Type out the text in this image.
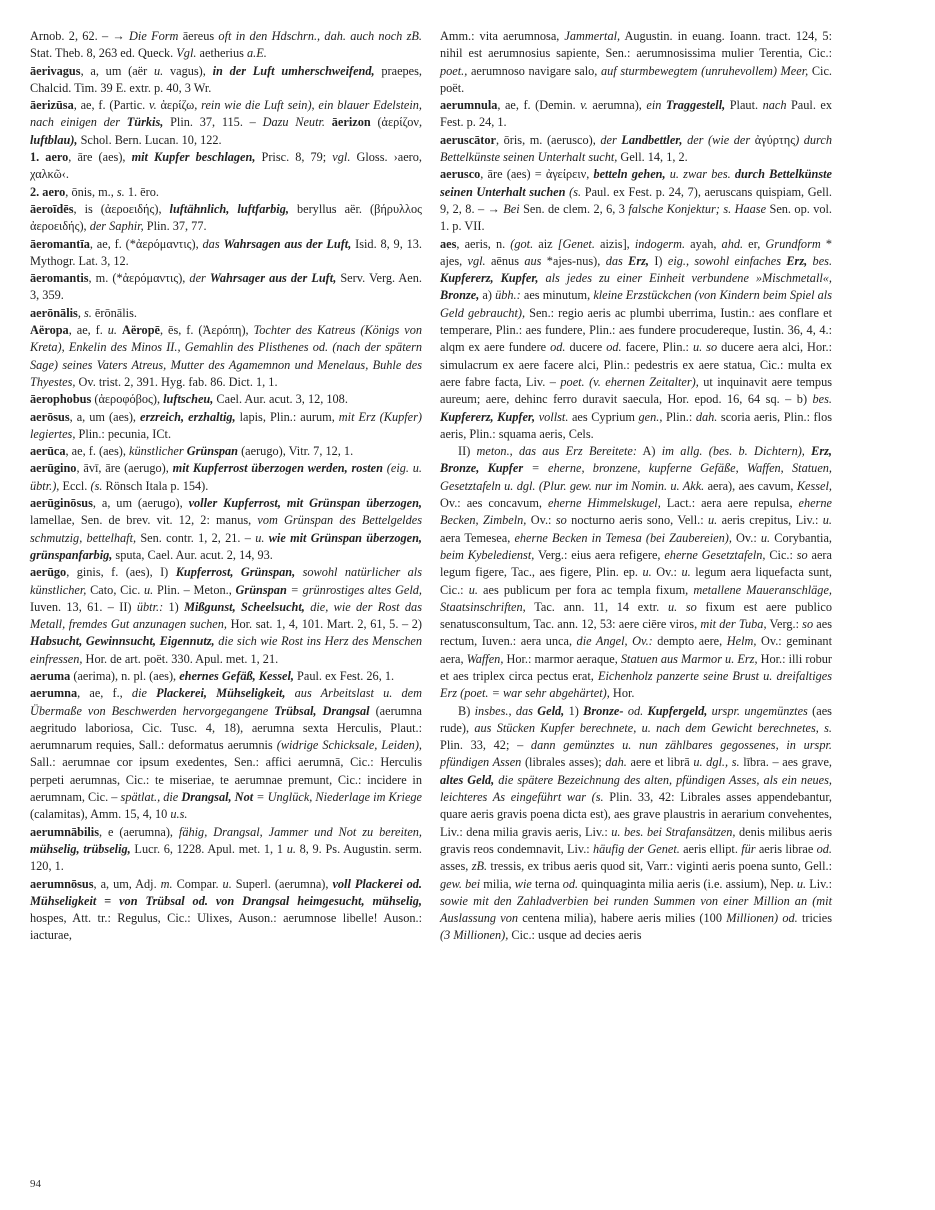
Arnob. 2, 62. – → Die Form āereus oft in den Hdschrn., dah. auch noch zB. Stat. Theb. 8, 263 ed. Queck. Vgl. aetherius a.E.

āerivagus, a, um (aër u. vagus), in der Luft umherschweifend, praepes, Chalcid. Tim. 39 E. extr. p. 40, 3 Wr.

āerizūsa, ae, f. (Partic. v. ἀερίζω, rein wie die Luft sein), ein blauer Edelstein, nach einigen der Türkis, Plin. 37, 115. – Dazu Neutr. āerizon (ἀερίζον, luftblau), Schol. Bern. Lucan. 10, 122.

1. aero, āre (aes), mit Kupfer beschlagen, Prisc. 8, 79; vgl. Gloss. ›aero, χαλκῶ‹.

2. aero, ōnis, m., s. 1. ēro.

āeroīdēs, is (ἀεροειδής), luftähnlich, luftfarbig, beryllus aër. (βήρυλλος ἀεροειδής), der Saphir, Plin. 37, 77.

āeromantīa, ae, f. (*ἀερόμαντις), das Wahrsagen aus der Luft, Isid. 8, 9, 13. Mythogr. Lat. 3, 12.

āeromantis, m. (*ἀερόμαντις), der Wahrsager aus der Luft, Serv. Verg. Aen. 3, 359.

aerōnālis, s. ērōnālis.

Aëropa, ae, f. u. Aëropē, ēs, f. (Ἀερόπη), Tochter des Katreus (Königs von Kreta), Enkelin des Minos II., Gemahlin des Plisthenes od. (nach der spätern Sage) seines Vaters Atreus, Mutter des Agamemnon und Menelaus, Buhle des Thyestes, Ov. trist. 2, 391. Hyg. fab. 86. Dict. 1, 1.

āerophobus (ἀεροφόβος), luftscheu, Cael. Aur. acut. 3, 12, 108.

aerōsus, a, um (aes), erzreich, erzhaltig, lapis, Plin.: aurum, mit Erz (Kupfer) legiertes, Plin.: pecunia, ICt.

aerūca, ae, f. (aes), künstlicher Grünspan (aerugo), Vitr. 7, 12, 1.

aerūgino, āvī, āre (aerugo), mit Kupferrost überzogen werden, rosten (eig. u. übtr.), Eccl. (s. Rönsch Itala p. 154).

aerūginōsus, a, um (aerugo), voller Kupferrost, mit Grünspan überzogen, lamellae, Sen. de brev. vit. 12, 2: manus, vom Grünspan des Bettelgeldes schmutzig, bettelhaft, Sen. contr. 1, 2, 21. – u. wie mit Grünspan überzogen, grünspanfarbig, sputa, Cael. Aur. acut. 2, 14, 93.

aerūgo, ginis, f. (aes), I) Kupferrost, Grünspan, sowohl natürlicher als künstlicher, Cato, Cic. u. Plin. – Meton., Grünspan = grünrostiges altes Geld, Iuven. 13, 61. – II) übtr.: 1) Mißgunst, Scheelsucht, die, wie der Rost das Metall, fremdes Gut anzunagen suchen, Hor. sat. 1, 4, 101. Mart. 2, 61, 5. – 2) Habsucht, Gewinnsucht, Eigennutz, die sich wie Rost ins Herz des Menschen einfressen, Hor. de art. poët. 330. Apul. met. 1, 21.

aeruma (aerima), n. pl. (aes), ehernes Gefäß, Kessel, Paul. ex Fest. 26, 1.

aerumna, ae, f., die Plackerei, Mühseligkeit, aus Arbeitslast u. dem Übermaße von Beschwerden hervorgegangene Trübsal, Drangsal (aerumna aegritudo laboriosa, Cic. Tusc. 4, 18), aerumna sexta Herculis, Plaut.: aerumnarum requies, Sall.: deformatus aerumnis (widrige Schicksale, Leiden), Sall.: aerumnae cor ipsum exedentes, Sen.: affici aerumnā, Cic.: Herculis perpeti aerumnas, Cic.: te miseriae, te aerumnae premunt, Cic.: incidere in aerumnam, Cic. – spätlat., die Drangsal, Not = Unglück, Niederlage im Kriege (calamitas), Amm. 15, 4, 10 u.s.

aerumnābilis, e (aerumna), fähig, Drangsal, Jammer und Not zu bereiten, mühselig, trübselig, Lucr. 6, 1228. Apul. met. 1, 1 u. 8, 9. Ps. Augustin. serm. 120, 1.

aerumnōsus, a, um, Adj. m. Compar. u. Superl. (aerumna), voll Plackerei od. Mühseligkeit = von Trübsal od. von Drangsal heimgesucht, mühselig, hospes, Att. tr.: Regulus, Cic.: Ulixes, Auson.: aerumnose libelle! Auson.: iacturae,

Amm.: vita aerumnosa, Jammertal, Augustin. in euang. Ioann. tract. 124, 5: nihil est aerumnosius sapiente, Sen.: aerumnosissima mulier Terentia, Cic.: poet., aerumnoso navigare salo, auf sturmbewegtem (unruhevollem) Meer, Cic. poët.

aerumnula, ae, f. (Demin. v. aerumna), ein Traggestell, Plaut. nach Paul. ex Fest. p. 24, 1.

aeruscātor, ōris, m. (aerusco), der Landbettler, der (wie der ἀγύρτης) durch Bettelkünste seinen Unterhalt sucht, Gell. 14, 1, 2.

aerusco, āre (aes) = ἀγείρειν, betteln gehen, u. zwar bes. durch Bettelkünste seinen Unterhalt suchen (s. Paul. ex Fest. p. 24, 7), aeruscans quispiam, Gell. 9, 2, 8. – → Bei Sen. de clem. 2, 6, 3 falsche Konjektur; s. Haase Sen. op. vol. 1. p. VII.

aes, aeris, n. (got. aiz [Genet. aizis], indogerm. ayah, ahd. er, Grundform * ajes, vgl. aēnus aus *ajes-nus), das Erz, I) eig., sowohl einfaches Erz, bes. Kupfererz, Kupfer, als jedes zu einer Einheit verbundene »Mischmetall«, Bronze, a) übh.: aes minutum, kleine Erzstückchen (von Kindern beim Spiel als Geld gebraucht), Sen.: regio aeris ac plumbi uberrima, Iustin.: aes conflare et temperare, Plin.: aes fundere, Plin.: aes fundere procudereque, Iustin. 36, 4, 4.: alqm ex aere fundere od. ducere od. facere, Plin.: u. so ducere aera alci, Hor.: simulacrum ex aere facere alci, Plin.: pedestris ex aere statua, Cic.: multa ex aere fabre facta, Liv. – poet. (v. ehernen Zeitalter), ut inquinavit aere tempus aureum; aere, dehinc ferro duravit saecula, Hor. epod. 16, 64 sq. – b) bes. Kupfererz, Kupfer, vollst. aes Cyprium gen., Plin.: dah. scoria aeris, Plin.: flos aeris, Plin.: squama aeris, Cels.

II) meton., das aus Erz Bereitete: A) im allg. (bes. b. Dichtern), Erz, Bronze, Kupfer = eherne, bronzene, kupferne Gefäße, Waffen, Statuen, Gesetztafeln u. dgl. (Plur. gew. nur im Nomin. u. Akk. aera), aes cavum, Kessel, Ov.: aes concavum, eherne Himmelskugel, Lact.: aera aere repulsa, eherne Becken, Zimbeln, Ov.: so nocturno aeris sono, Vell.: u. aeris crepitus, Liv.: u. aera Temesea, eherne Becken in Temesa (bei Zaubereien), Ov.: u. Corybantia, beim Kybeledienst, Verg.: eius aera refigere, eherne Gesetztafeln, Cic.: so aera legum figere, Tac., aes figere, Plin. ep. u. Ov.: u. legum aera liquefacta sunt, Cic.: u. aes publicum per fora ac templa fixum, metallene Maueranschläge, Staatsinschriften, Tac. ann. 11, 14 extr. u. so fixum est aere publico senatusconsultum, Tac. ann. 12, 53: aere ciēre viros, mit der Tuba, Verg.: so aes rectum, Iuven.: aera unca, die Angel, Ov.: dempto aere, Helm, Ov.: geminant aera, Waffen, Hor.: marmor aeraque, Statuen aus Marmor u. Erz, Hor.: illi robur et aes triplex circa pectus erat, Eichenholz panzerte seine Brust u. dreifaltiges Erz (poet. = war sehr abgehärtet), Hor.

B) insbes., das Geld, 1) Bronze- od. Kupfergeld, urspr. ungemünztes (aes rude), aus Stücken Kupfer berechnete, u. nach dem Gewicht berechnetes, s. Plin. 33, 42; – dann gemünztes u. nun zählbares gegossenes, in urspr. pfündigen Assen (librales asses); dah. aere et librā u. dgl., s. lībra. – aes grave, altes Geld, die spätere Bezeichnung des alten, pfündigen Asses, als ein neues, leichteres As eingeführt war (s. Plin. 33, 42: Librales asses appendebantur, quare aeris gravis poena dicta est), aes grave plaustris in aerarium convehentes, Liv.: dena milia gravis aeris, Liv.: u. bes. bei Strafansätzen, denis milibus aeris gravis reos condemnavit, Liv.: häufig der Genet. aeris ellipt. für aeris librae od. asses, zB. tressis, ex tribus aeris quod sit, Varr.: viginti aeris poena sunto, Gell.: gew. bei milia, wie terna od. quinquaginta milia aeris (i.e. assium), Nep. u. Liv.: sowie mit den Zahladverbien bei runden Summen von einer Million an (mit Auslassung von centena milia), habere aeris milies (100 Millionen) od. tricies (3 Millionen), Cic.: usque ad decies aeris

94
